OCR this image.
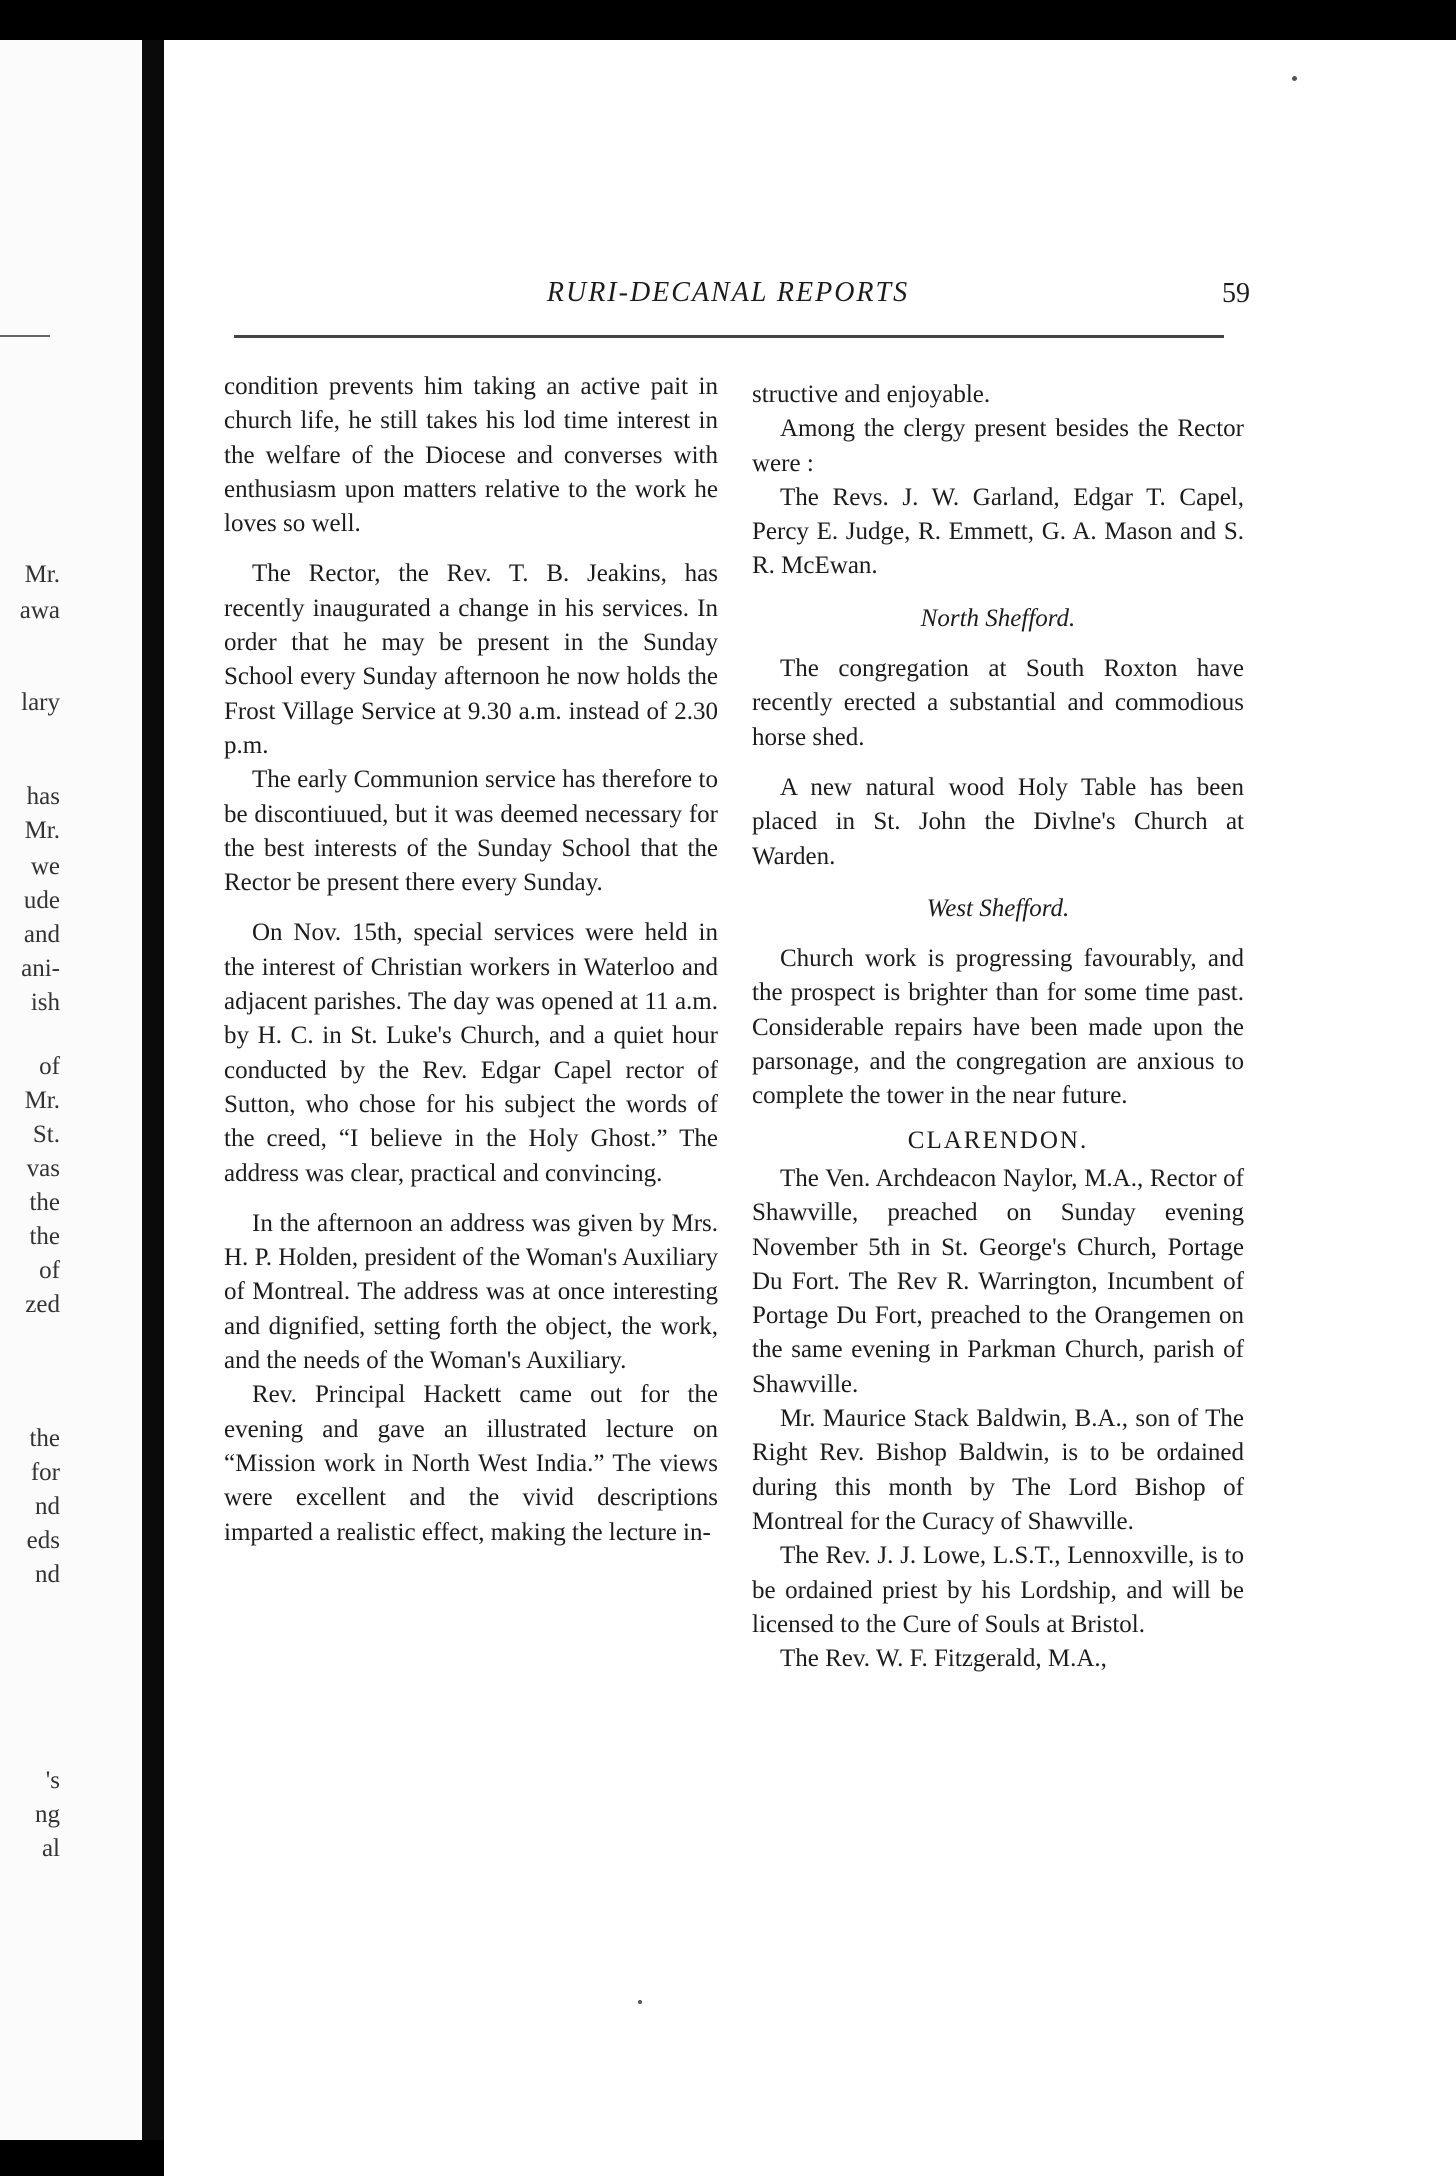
Mr.
awa
lary
has
Mr.
we
ude
and
ani-
ish
of
Mr.
St.
vas
the
the
of
zed
the
for
nd
eds
nd
's
ng
al
RURI-DECANAL REPORTS	59

condition prevents him taking an active pait in church life, he still takes his lod time interest in the welfare of the Diocese and converses with enthusiasm upon matters relative to the work he loves so well.

The Rector, the Rev. T. B. Jeakins, has recently inaugurated a change in his services. In order that he may be present in the Sunday School every Sunday afternoon he now holds the Frost Village Service at 9.30 a.m. instead of 2.30 p.m.

The early Communion service has therefore to be discontiuued, but it was deemed necessary for the best interests of the Sunday School that the Rector be present there every Sunday.

On Nov. 15th, special services were held in the interest of Christian workers in Waterloo and adjacent parishes. The day was opened at 11 a.m. by H. C. in St. Luke's Church, and a quiet hour conducted by the Rev. Edgar Capel rector of Sutton, who chose for his subject the words of the creed, “I believe in the Holy Ghost.” The address was clear, practical and convincing.

In the afternoon an address was given by Mrs. H. P. Holden, president of the Woman's Auxiliary of Montreal. The address was at once interesting and dignified, setting forth the object, the work, and the needs of the Woman's Auxiliary.

Rev. Principal Hackett came out for the evening and gave an illustrated lecture on “Mission work in North West India.” The views were excellent and the vivid descriptions imparted a realistic effect, making the lecture in-

structive and enjoyable.

Among the clergy present besides the Rector were :

The Revs. J. W. Garland, Edgar T. Capel, Percy E. Judge, R. Emmett, G. A. Mason and S. R. McEwan.

North Shefford.

The congregation at South Roxton have recently erected a substantial and commodious horse shed.

A new natural wood Holy Table has been placed in St. John the Divlne's Church at Warden.

West Shefford.

Church work is progressing favourably, and the prospect is brighter than for some time past. Considerable repairs have been made upon the parsonage, and the congregation are anxious to complete the tower in the near future.

CLARENDON.

The Ven. Archdeacon Naylor, M.A., Rector of Shawville, preached on Sunday evening November 5th in St. George's Church, Portage Du Fort. The Rev R. Warrington, Incumbent of Portage Du Fort, preached to the Orangemen on the same evening in Parkman Church, parish of Shawville.

Mr. Maurice Stack Baldwin, B.A., son of The Right Rev. Bishop Baldwin, is to be ordained during this month by The Lord Bishop of Montreal for the Curacy of Shawville.

The Rev. J. J. Lowe, L.S.T., Lennoxville, is to be ordained priest by his Lordship, and will be licensed to the Cure of Souls at Bristol.

The Rev. W. F. Fitzgerald, M.A.,
